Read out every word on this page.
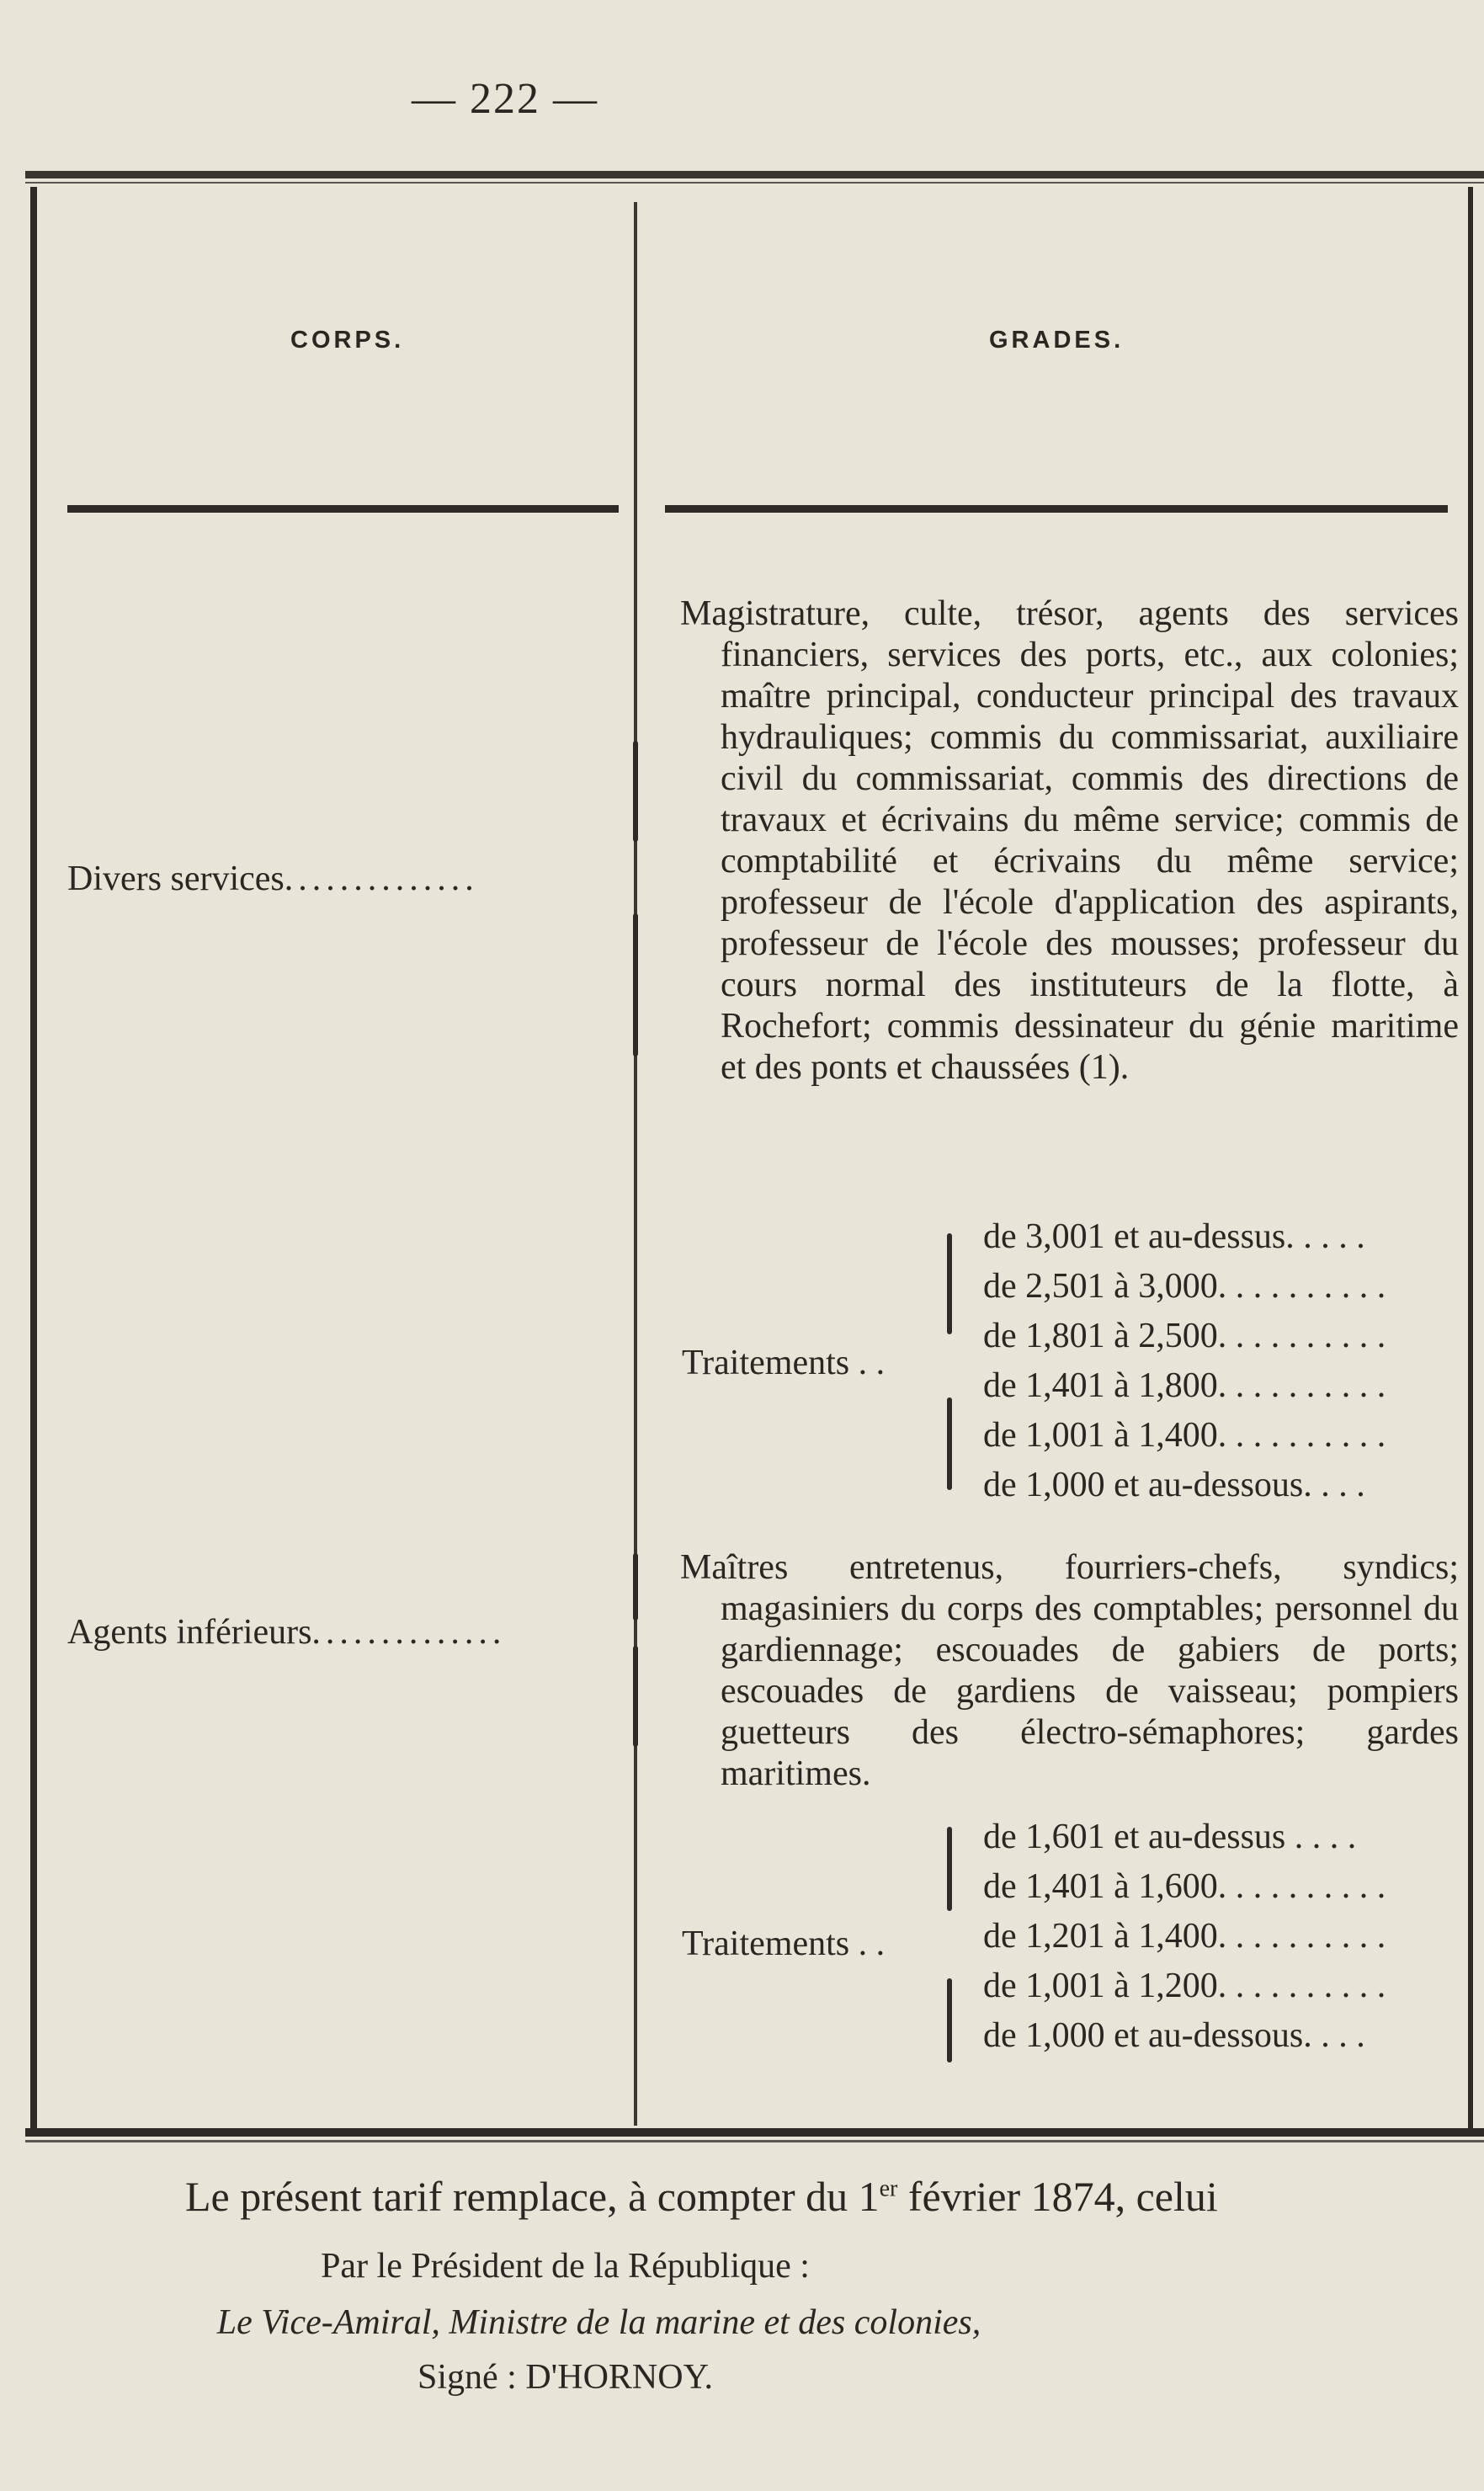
— 222 —
CORPS.	GRADES.
Divers services..............

Magistrature, culte, trésor, agents des services financiers, services des ports, etc., aux colonies; maître principal, conducteur principal des travaux hydrauliques; commis du commissariat, auxiliaire civil du commissariat, commis des directions de travaux et écrivains du même service; commis de comptabilité et écrivains du même service; professeur de l'école d'application des aspirants, professeur de l'école des mousses; professeur du cours normal des instituteurs de la flotte, à Rochefort; commis dessinateur du génie maritime et des ponts et chaussées (1).

Traitements . .
de 3,001 et au-dessus. . . . .
de 2,501 à 3,000. . . . . . . . . .
de 1,801 à 2,500. . . . . . . . . .
de 1,401 à 1,800. . . . . . . . . .
de 1,001 à 1,400. . . . . . . . . .
de 1,000 et au-dessous. . . .
Agents inférieurs..............

Maîtres entretenus, fourriers-chefs, syndics; magasiniers du corps des comptables; personnel du gardiennage; escouades de gabiers de ports; escouades de gardiens de vaisseau; pompiers guetteurs des électro-sémaphores; gardes maritimes.

Traitements . .
de 1,601 et au-dessus . . . .
de 1,401 à 1,600. . . . . . . . . .
de 1,201 à 1,400. . . . . . . . . .
de 1,001 à 1,200. . . . . . . . . .
de 1,000 et au-dessous. . . .
Le présent tarif remplace, à compter du 1er février 1874, celui
Par le Président de la République :
Le Vice-Amiral, Ministre de la marine et des colonies,
Signé : D'HORNOY.
